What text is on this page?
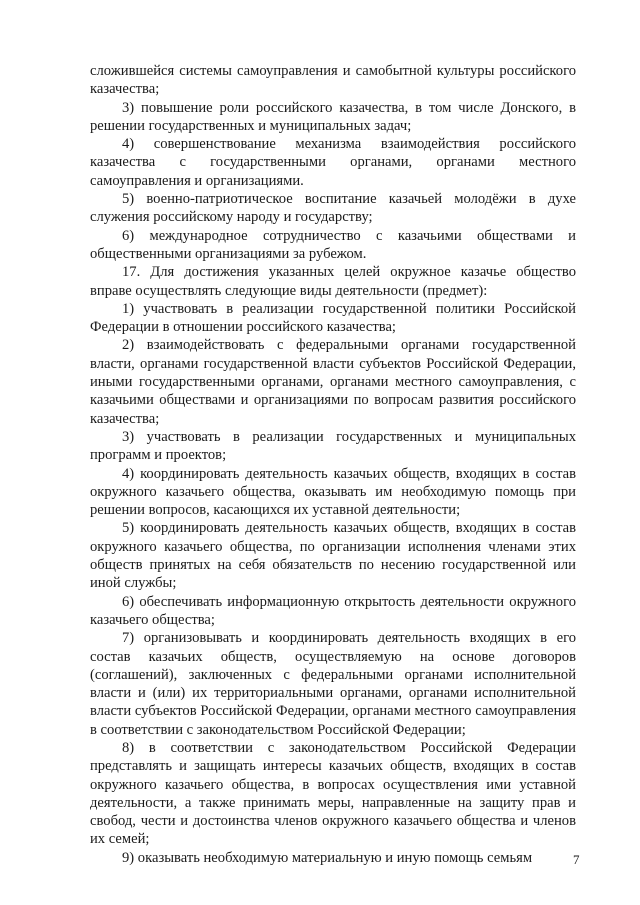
сложившейся системы самоуправления и самобытной культуры российского казачества;

3) повышение роли российского казачества, в том числе Донского, в решении государственных и муниципальных задач;

4) совершенствование механизма взаимодействия российского казачества с государственными органами, органами местного самоуправления и организациями.

5) военно-патриотическое воспитание казачьей молодёжи в духе служения российскому народу и государству;

6) международное сотрудничество с казачьими обществами и общественными организациями за рубежом.

17. Для достижения указанных целей окружное казачье общество вправе осуществлять следующие виды деятельности (предмет):

1) участвовать в реализации государственной политики Российской Федерации в отношении российского казачества;

2) взаимодействовать с федеральными органами государственной власти, органами государственной власти субъектов Российской Федерации, иными государственными органами, органами местного самоуправления, с казачьими обществами и организациями по вопросам развития российского казачества;

3) участвовать в реализации государственных и муниципальных программ и проектов;

4) координировать деятельность казачьих обществ, входящих в состав окружного казачьего общества, оказывать им необходимую помощь при решении вопросов, касающихся их уставной деятельности;

5) координировать деятельность казачьих обществ, входящих в состав окружного казачьего общества, по организации исполнения членами этих обществ принятых на себя обязательств по несению государственной или иной службы;

6) обеспечивать информационную открытость деятельности окружного казачьего общества;

7) организовывать и координировать деятельность входящих в его состав казачьих обществ, осуществляемую на основе договоров (соглашений), заключенных с федеральными органами исполнительной власти и (или) их территориальными органами, органами исполнительной власти субъектов Российской Федерации, органами местного самоуправления в соответствии с законодательством Российской Федерации;

8) в соответствии с законодательством Российской Федерации представлять и защищать интересы казачьих обществ, входящих в состав окружного казачьего общества, в вопросах осуществления ими уставной деятельности, а также принимать меры, направленные на защиту прав и свобод, чести и достоинства членов окружного казачьего общества и членов их семей;

9) оказывать необходимую материальную и иную помощь семьям	7
